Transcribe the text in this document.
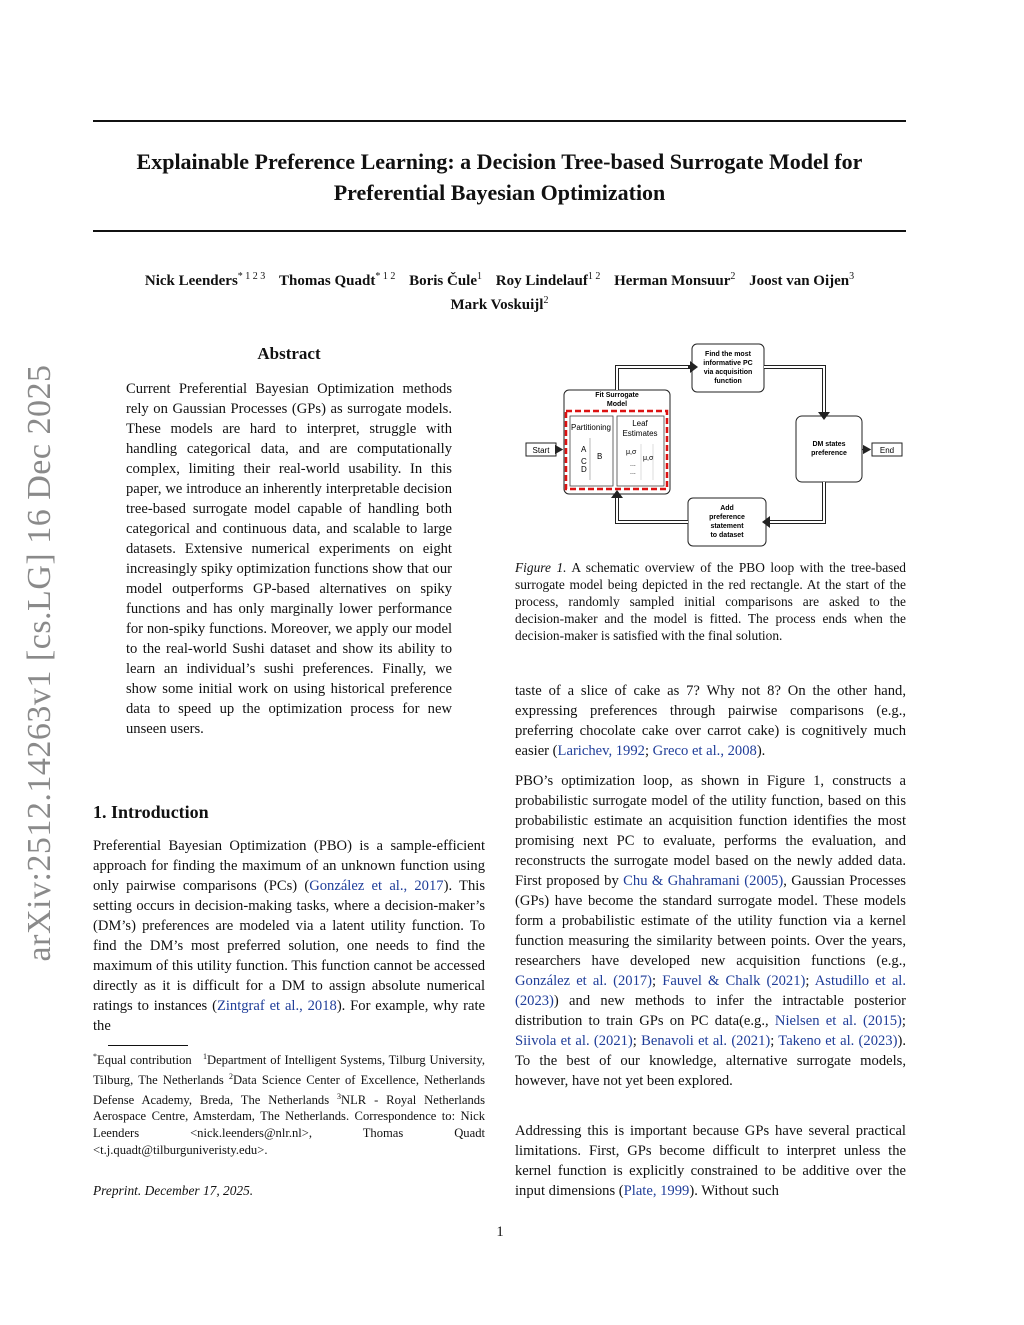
arXiv:2512.14263v1 [cs.LG] 16 Dec 2025
Explainable Preference Learning: a Decision Tree-based Surrogate Model for
Preferential Bayesian Optimization
Nick Leenders$^{* 1 2 3}$ Thomas Quadt$^{* 1 2}$ Boris Čule$^1$ Roy Lindelauf$^{1 2}$ Herman Monsuur$^2$ Joost van Oijen$^3$
Mark Voskuijl$^2$
Abstract
Current Preferential Bayesian Optimization methods rely on Gaussian Processes (GPs) as surrogate models. These models are hard to interpret, struggle with handling categorical data, and are computationally complex, limiting their real-world usability. In this paper, we introduce an inherently interpretable decision tree-based surrogate model capable of handling both categorical and continuous data, and scalable to large datasets. Extensive numerical experiments on eight increasingly spiky optimization functions show that our model outperforms GP-based alternatives on spiky functions and has only marginally lower performance for non-spiky functions. Moreover, we apply our model to the real-world Sushi dataset and show its ability to learn an individual’s sushi preferences. Finally, we show some initial work on using historical preference data to speed up the optimization process for new unseen users.
1. Introduction
Preferential Bayesian Optimization (PBO) is a sample-efficient approach for finding the maximum of an unknown function using only pairwise comparisons (PCs) (González et al., 2017). This setting occurs in decision-making tasks, where a decision-maker’s (DM’s) preferences are modeled via a latent utility function. To find the DM’s most preferred solution, one needs to find the maximum of this utility function. This function cannot be accessed directly as it is difficult for a DM to assign absolute numerical ratings to instances (Zintgraf et al., 2018). For example, why rate the
*Equal contribution $^1$Department of Intelligent Systems, Tilburg University, Tilburg, The Netherlands $^2$Data Science Center of Excellence, Netherlands Defense Academy, Breda, The Netherlands $^3$NLR - Royal Netherlands Aerospace Centre, Amsterdam, The Netherlands. Correspondence to: Nick Leenders <nick.leenders@nlr.nl>, Thomas Quadt <t.j.quadt@tilburguniveristy.edu>.
Preprint. December 17, 2025.
1
Start
Fit Surrogate
Model
Partitioning
A
C
D
B
Leaf
Estimates
μ,σ
μ,σ
...
...
Find the most
informative PC
via acquisition
function
DM states
preference	End
Add
preference
statement
to dataset
Figure 1. A schematic overview of the PBO loop with the tree-based surrogate model being depicted in the red rectangle. At the start of the process, randomly sampled initial comparisons are asked to the decision-maker and the model is fitted. The process ends when the decision-maker is satisfied with the final solution.
taste of a slice of cake as 7? Why not 8? On the other hand, expressing preferences through pairwise comparisons (e.g., preferring chocolate cake over carrot cake) is cognitively much easier (Larichev, 1992; Greco et al., 2008).
PBO’s optimization loop, as shown in Figure 1, constructs a probabilistic surrogate model of the utility function, based on this probabilistic estimate an acquisition function identifies the most promising next PC to evaluate, performs the evaluation, and reconstructs the surrogate model based on the newly added data. First proposed by Chu & Ghahramani (2005), Gaussian Processes (GPs) have become the standard surrogate model. These models form a probabilistic estimate of the utility function via a kernel function measuring the similarity between points. Over the years, researchers have developed new acquisition functions (e.g., González et al. (2017); Fauvel & Chalk (2021); Astudillo et al. (2023)) and new methods to infer the intractable posterior distribution to train GPs on PC data(e.g., Nielsen et al. (2015); Siivola et al. (2021); Benavoli et al. (2021); Takeno et al. (2023)). To the best of our knowledge, alternative surrogate models, however, have not yet been explored.
Addressing this is important because GPs have several practical limitations. First, GPs become difficult to interpret unless the kernel function is explicitly constrained to be additive over the input dimensions (Plate, 1999). Without such
